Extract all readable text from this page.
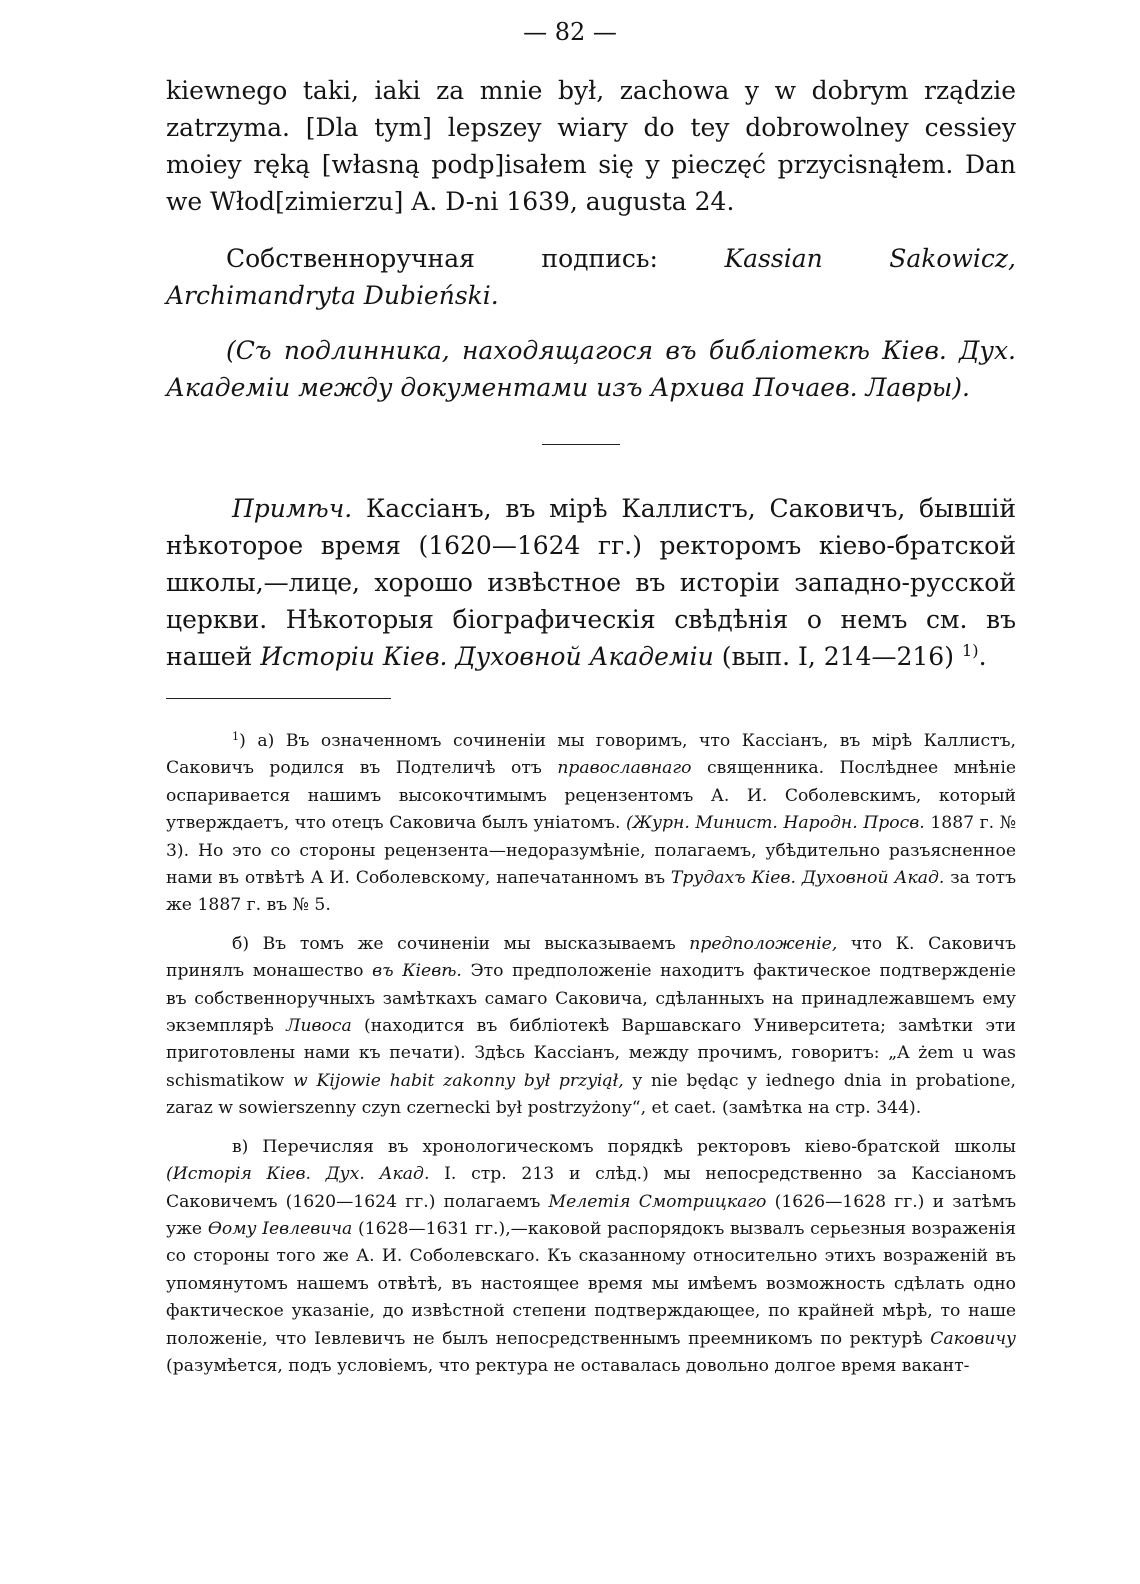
— 82 —

kiewnego taki, iaki za mnie był, zachowa y w dobrym rządzie zatrzyma. [Dla tym] lepszey wiary do tey dobrowolney cessiey moiey ręką [własną podp]isałem się y pieczęć przycisnąłem. Dan we Włod[zimierzu] A. D-ni 1639, augusta 24.

Собственноручная подпись:	Kassian Sakowicz, Archimandryta Dubieński.

(Съ подлинника, находящагося въ библіотекѣ Кіев. Дух. Академіи между документами изъ Архива Почаев. Лавры).

Примѣч. Кассіанъ, въ мірѣ Каллистъ, Саковичъ, бывшій нѣкоторое время (1620—1624 гг.) ректоромъ кіево-братской школы,—лице, хорошо извѣстное въ исторіи западно-русской церкви. Нѣкоторыя біографическія свѣдѣнія о немъ см. въ нашей Исторіи Кіев. Духовной Академіи (вып. I, 214—216) $^{1)}$.

$^1$) а) Въ означенномъ сочиненіи мы говоримъ, что Кассіанъ, въ мірѣ Каллистъ, Саковичъ родился въ Подтеличѣ отъ православнаго священника. Послѣднее мнѣніе оспаривается нашимъ высокочтимымъ рецензентомъ А. И. Соболевскимъ, который утверждаетъ, что отецъ Саковича былъ уніатомъ. (Журн. Минист. Народн. Просв. 1887 г. № 3). Но это со стороны рецензента—недоразумѣніе, полагаемъ, убѣдительно разъясненное нами въ отвѣтѣ А И. Соболевскому, напечатанномъ въ Трудахъ Кіев. Духовной Акад. за тотъ же 1887 г. въ № 5.

б) Въ томъ же сочиненіи мы высказываемъ предположеніе, что К. Саковичъ принялъ монашество въ Кіевѣ. Это предположеніе находитъ фактическое подтвержденіе въ собственноручныхъ замѣткахъ самаго Саковича, сдѣланныхъ на принадлежавшемъ ему экземплярѣ Ливоса (находится въ библіотекѣ Варшавскаго Университета; замѣтки эти приготовлены нами къ печати). Здѣсь Кассіанъ, между прочимъ, говоритъ: „A żem u was schismatikow w Kijowie habit zakonny był przyiął, y nie będąc y iednego dnia in probatione, zaraz w sowierszenny czyn czernecki był postrzyżony“, et caet. (замѣтка на стр. 344).

в) Перечисляя въ хронологическомъ порядкѣ ректоровъ кіево-братской школы (Исторія Кіев. Дух. Акад. I. стр. 213 и слѣд.) мы непосредственно за Кассіаномъ Саковичемъ (1620—1624 гг.) полагаемъ Мелетія Смотрицкаго (1626—1628 гг.) и затѣмъ уже Ѳому Іевлевича (1628—1631 гг.),—каковой распорядокъ вызвалъ серьезныя возраженія со стороны того же А. И. Соболевскаго. Къ сказанному относительно этихъ возраженій въ упомянутомъ нашемъ отвѣтѣ, въ настоящее время мы имѣемъ возможность сдѣлать одно фактическое указаніе, до извѣстной степени подтверждающее, по крайней мѣрѣ, то наше положеніе, что Іевлевичъ не былъ непосредственнымъ преемникомъ по ректурѣ Саковичу (разумѣется, подъ условіемъ, что ректура не оставалась довольно долгое время вакант-
